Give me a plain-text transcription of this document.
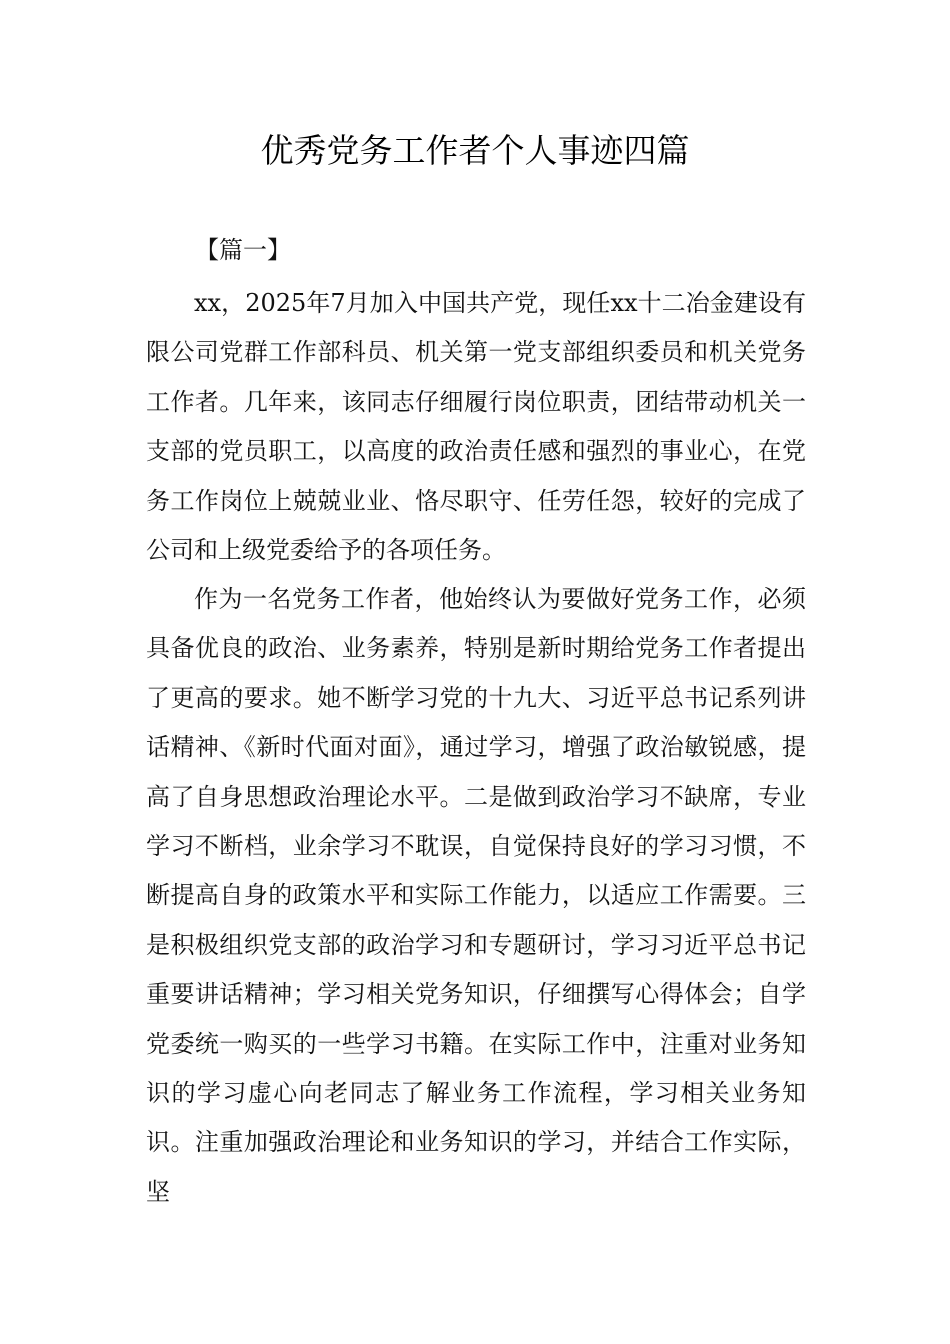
优秀党务工作者个人事迹四篇
【篇一】

xx，2025年7月加入中国共产党，现任xx十二冶金建设有限公司党群工作部科员、机关第一党支部组织委员和机关党务工作者。几年来，该同志仔细履行岗位职责，团结带动机关一支部的党员职工，以高度的政治责任感和强烈的事业心，在党务工作岗位上兢兢业业、恪尽职守、任劳任怨，较好的完成了公司和上级党委给予的各项任务。

作为一名党务工作者，他始终认为要做好党务工作，必须具备优良的政治、业务素养，特别是新时期给党务工作者提出了更高的要求。她不断学习党的十九大、习近平总书记系列讲话精神、《新时代面对面》，通过学习，增强了政治敏锐感，提高了自身思想政治理论水平。二是做到政治学习不缺席，专业学习不断档，业余学习不耽误，自觉保持良好的学习习惯，不断提高自身的政策水平和实际工作能力，以适应工作需要。三是积极组织党支部的政治学习和专题研讨，学习习近平总书记重要讲话精神；学习相关党务知识，仔细撰写心得体会；自学党委统一购买的一些学习书籍。在实际工作中，注重对业务知识的学习虚心向老同志了解业务工作流程，学习相关业务知识。注重加强政治理论和业务知识的学习，并结合工作实际，坚
